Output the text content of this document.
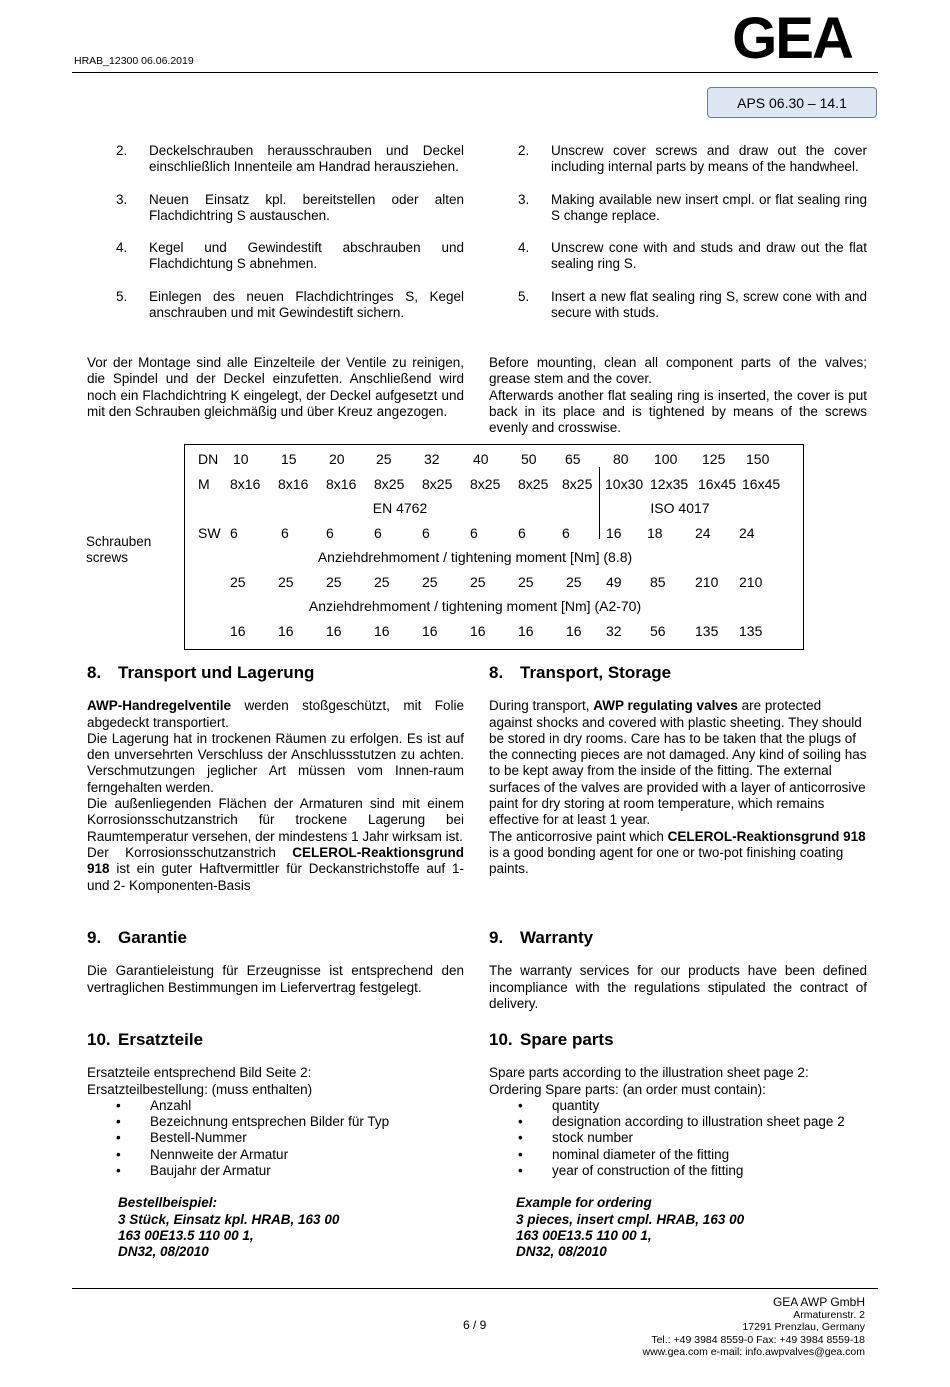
HRAB_12300 06.06.2019	GEA
APS 06.30 – 14.1
2.	Deckelschrauben herausschrauben und Deckel einschließlich Innenteile am Handrad herausziehen.
3.	Neuen Einsatz kpl. bereitstellen oder alten Flachdichtring S austauschen.
4.	Kegel und Gewindestift abschrauben und Flachdichtung S abnehmen.
5.	Einlegen des neuen Flachdichtringes S, Kegel anschrauben und mit Gewindestift sichern.
2.	Unscrew cover screws and draw out the cover including internal parts by means of the handwheel.
3.	Making available new insert cmpl. or flat sealing ring S change replace.
4.	Unscrew cone with and studs and draw out the flat sealing ring S.
5.	Insert a new flat sealing ring S, screw cone with and secure with studs.
Vor der Montage sind alle Einzelteile der Ventile zu reinigen, die Spindel und der Deckel einzufetten. Anschließend wird noch ein Flachdichtring K eingelegt, der Deckel aufgesetzt und mit den Schrauben gleichmäßig und über Kreuz angezogen.
Before mounting, clean all component parts of the valves; grease stem and the cover.
Afterwards another flat sealing ring is inserted, the cover is put back in its place and is tightened by means of the screws evenly and crosswise.
Schrauben
screws
DN 10 15 20 25 32 40 50 65 80 100 125 150
M 8x16 8x16 8x16 8x25 8x25 8x25 8x25 8x25 10x30 12x35 16x45 16x45
EN 4762	ISO 4017
SW 6	6	6	6	6	6	6	6	16 18 24 24
Anziehdrehmoment / tightening moment [Nm] (8.8)
25 25 25 25 25 25 25 25 49 85 210 210
Anziehdrehmoment / tightening moment [Nm] (A2-70)
16 16 16 16 16 16 16 16 32 56 135 135
8. Transport und Lagerung
AWP-Handregelventile werden stoßgeschützt, mit Folie abgedeckt transportiert.
Die Lagerung hat in trockenen Räumen zu erfolgen. Es ist auf den unversehrten Verschluss der Anschlussstutzen zu achten. Verschmutzungen jeglicher Art müssen vom Innen-raum ferngehalten werden.
Die außenliegenden Flächen der Armaturen sind mit einem Korrosionsschutzanstrich für trockene Lagerung bei Raumtemperatur versehen, der mindestens 1 Jahr wirksam ist.
Der Korrosionsschutzanstrich CELEROL-Reaktionsgrund 918 ist ein guter Haftvermittler für Deckanstrichstoffe auf 1- und 2- Komponenten-Basis
8. Transport, Storage
During transport, AWP regulating valves are protected against shocks and covered with plastic sheeting. They should be stored in dry rooms. Care has to be taken that the plugs of the connecting pieces are not damaged. Any kind of soiling has to be kept away from the inside of the fitting. The external surfaces of the valves are provided with a layer of anticorrosive paint for dry storing at room temperature, which remains effective for at least 1 year.
The anticorrosive paint which CELEROL-Reaktionsgrund 918 is a good bonding agent for one or two-pot finishing coating paints.
9. Garantie
Die Garantieleistung für Erzeugnisse ist entsprechend den vertraglichen Bestimmungen im Liefervertrag festgelegt.
9. Warranty
The warranty services for our products have been defined incompliance with the regulations stipulated the contract of delivery.
10. Ersatzteile
Ersatzteile entsprechend Bild Seite 2:
Ersatzteilbestellung: (muss enthalten)
•	Anzahl
•	Bezeichnung entsprechen Bilder für Typ
•	Bestell-Nummer
•	Nennweite der Armatur
•	Baujahr der Armatur
Bestellbeispiel:
3 Stück, Einsatz kpl. HRAB, 163 00
163 00E13.5 110 00 1,
DN32, 08/2010
10. Spare parts
Spare parts according to the illustration sheet page 2:
Ordering Spare parts: (an order must contain):
•	quantity
•	designation according to illustration sheet page 2
•	stock number
•	nominal diameter of the fitting
•	year of construction of the fitting
Example for ordering
3 pieces, insert cmpl. HRAB, 163 00
163 00E13.5 110 00 1,
DN32, 08/2010
6 / 9
GEA AWP GmbH
Armaturenstr. 2
17291 Prenzlau, Germany
Tel.: +49 3984 8559-0 Fax: +49 3984 8559-18
www.gea.com e-mail: info.awpvalves@gea.com
